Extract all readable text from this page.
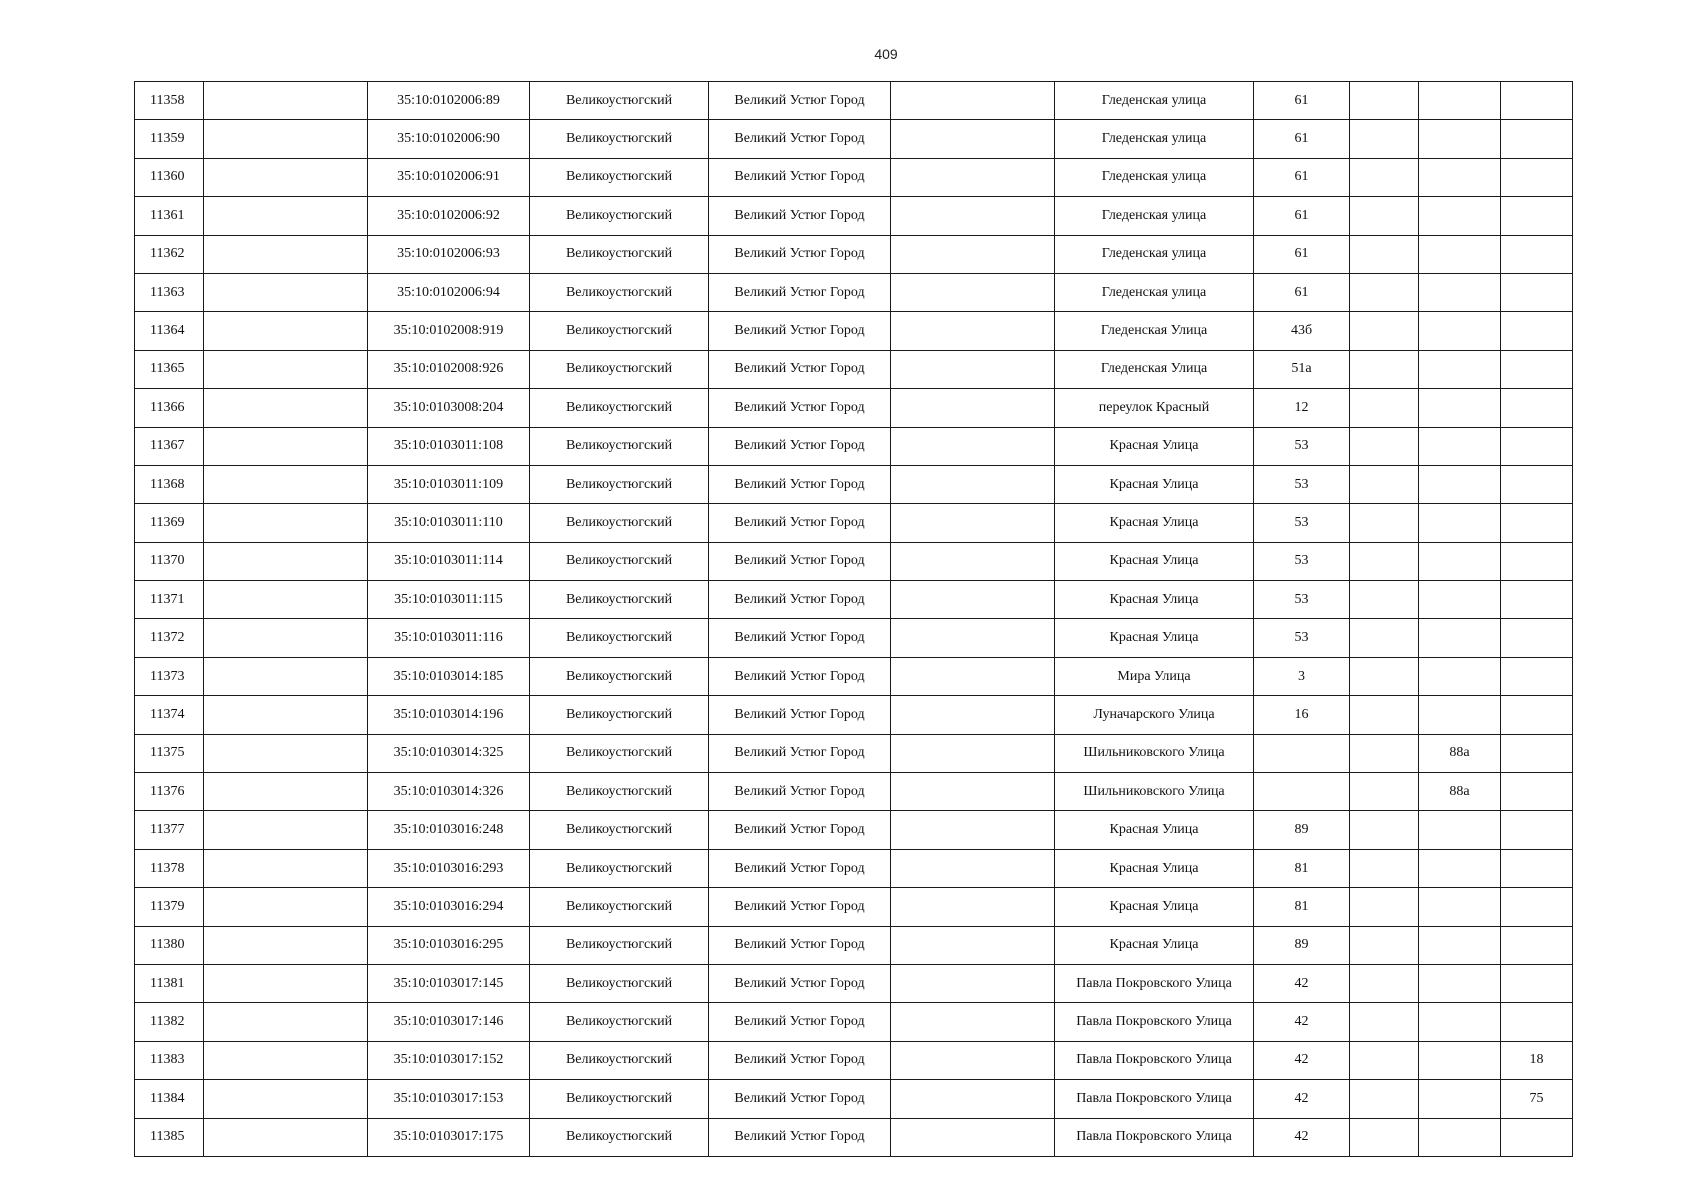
409
11358		35:10:0102006:89	Великоустюгский	Великий Устюг Город		Гледенская улица	61			
11359		35:10:0102006:90	Великоустюгский	Великий Устюг Город		Гледенская улица	61			
11360		35:10:0102006:91	Великоустюгский	Великий Устюг Город		Гледенская улица	61			
11361		35:10:0102006:92	Великоустюгский	Великий Устюг Город		Гледенская улица	61			
11362		35:10:0102006:93	Великоустюгский	Великий Устюг Город		Гледенская улица	61			
11363		35:10:0102006:94	Великоустюгский	Великий Устюг Город		Гледенская улица	61			
11364		35:10:0102008:919	Великоустюгский	Великий Устюг Город		Гледенская Улица	43б			
11365		35:10:0102008:926	Великоустюгский	Великий Устюг Город		Гледенская Улица	51а			
11366		35:10:0103008:204	Великоустюгский	Великий Устюг Город		переулок Красный	12			
11367		35:10:0103011:108	Великоустюгский	Великий Устюг Город		Красная Улица	53			
11368		35:10:0103011:109	Великоустюгский	Великий Устюг Город		Красная Улица	53			
11369		35:10:0103011:110	Великоустюгский	Великий Устюг Город		Красная Улица	53			
11370		35:10:0103011:114	Великоустюгский	Великий Устюг Город		Красная Улица	53			
11371		35:10:0103011:115	Великоустюгский	Великий Устюг Город		Красная Улица	53			
11372		35:10:0103011:116	Великоустюгский	Великий Устюг Город		Красная Улица	53			
11373		35:10:0103014:185	Великоустюгский	Великий Устюг Город		Мира Улица	3			
11374		35:10:0103014:196	Великоустюгский	Великий Устюг Город		Луначарского Улица	16			
11375		35:10:0103014:325	Великоустюгский	Великий Устюг Город		Шильниковского Улица			88а	
11376		35:10:0103014:326	Великоустюгский	Великий Устюг Город		Шильниковского Улица			88а	
11377		35:10:0103016:248	Великоустюгский	Великий Устюг Город		Красная Улица	89			
11378		35:10:0103016:293	Великоустюгский	Великий Устюг Город		Красная Улица	81			
11379		35:10:0103016:294	Великоустюгский	Великий Устюг Город		Красная Улица	81			
11380		35:10:0103016:295	Великоустюгский	Великий Устюг Город		Красная Улица	89			
11381		35:10:0103017:145	Великоустюгский	Великий Устюг Город		Павла Покровского Улица	42			
11382		35:10:0103017:146	Великоустюгский	Великий Устюг Город		Павла Покровского Улица	42			
11383		35:10:0103017:152	Великоустюгский	Великий Устюг Город		Павла Покровского Улица	42			18
11384		35:10:0103017:153	Великоустюгский	Великий Устюг Город		Павла Покровского Улица	42			75
11385		35:10:0103017:175	Великоустюгский	Великий Устюг Город		Павла Покровского Улица	42			
